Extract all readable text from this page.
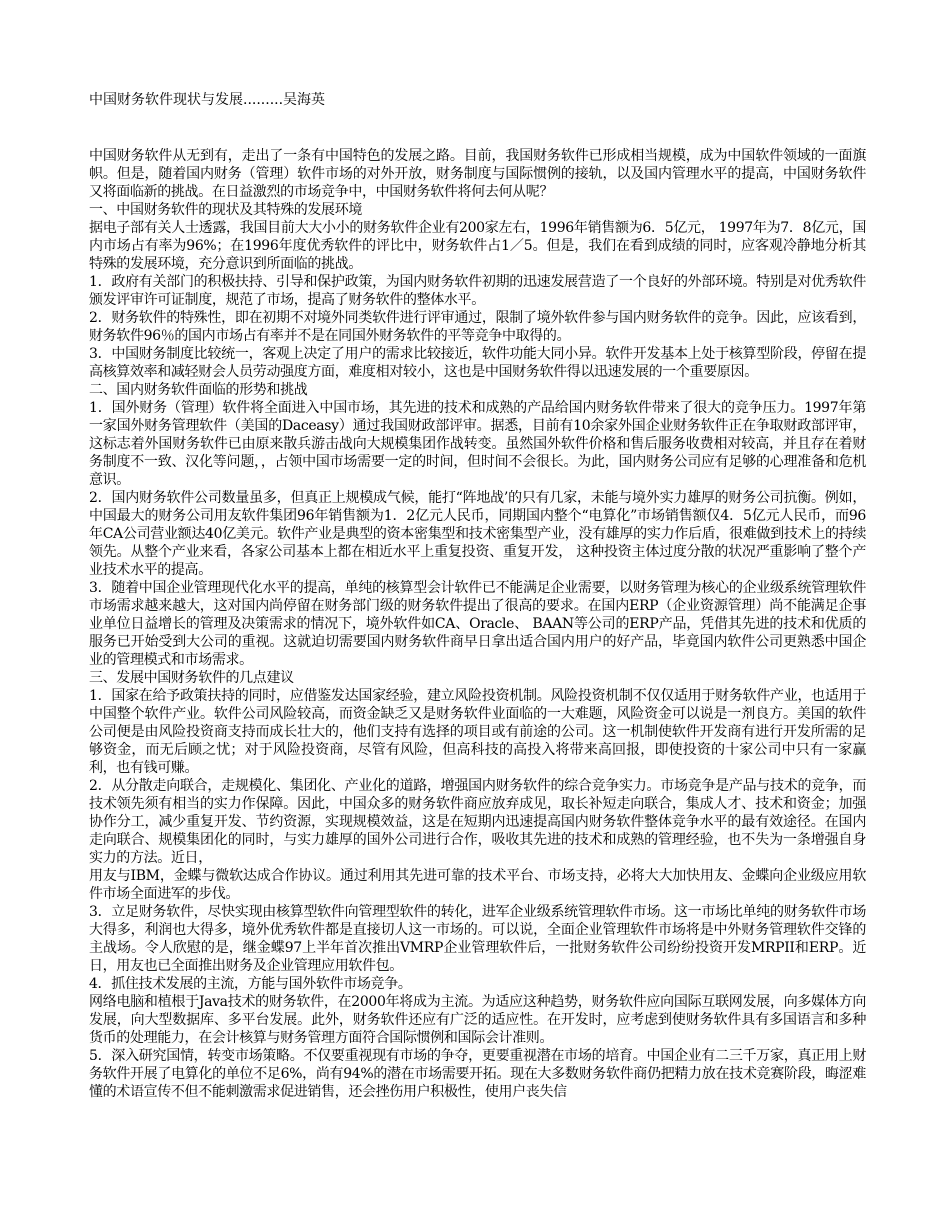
中国财务软件现状与发展.........吴海英

中国财务软件从无到有，走出了一条有中国特色的发展之路。目前，我国财务软件已形成相当规模，成为中国软件领域的一面旗帜。但是，随着国内财务（管理）软件市场的对外开放，财务制度与国际惯例的接轨，以及国内管理水平的提高，中国财务软件又将面临新的挑战。在日益激烈的市场竞争中，中国财务软件将何去何从呢？

一、中国财务软件的现状及其特殊的发展环境

据电子部有关人士透露，我国目前大大小小的财务软件企业有200家左右，1996年销售额为6．5亿元， 1997年为7．8亿元，国内市场占有率为96%；在1996年度优秀软件的评比中，财务软件占1／5。但是，我们在看到成绩的同时，应客观冷静地分析其特殊的发展环境，充分意识到所面临的挑战。

1．政府有关部门的积极扶持、引导和保护政策，为国内财务软件初期的迅速发展营造了一个良好的外部环境。特别是对优秀软件颁发评审许可证制度，规范了市场，提高了财务软件的整体水平。

2．财务软件的特殊性，即在初期不对境外同类软件进行评审通过，限制了境外软件参与国内财务软件的竞争。因此，应该看到，财务软件96％的国内市场占有率并不是在同国外财务软件的平等竞争中取得的。

3．中国财务制度比较统一，客观上决定了用户的需求比较接近，软件功能大同小异。软件开发基本上处于核算型阶段，停留在提高核算效率和减轻财会人员劳动强度方面，难度相对较小，这也是中国财务软件得以迅速发展的一个重要原因。

二、国内财务软件面临的形势和挑战

1．国外财务（管理）软件将全面进入中国市场，其先进的技术和成熟的产品给国内财务软件带来了很大的竞争压力。1997年第一家国外财务管理软件（美国的Daceasy）通过我国财政部评审。据悉，目前有10余家外国企业财务软件正在争取财政部评审，这标志着外国财务软件已由原来散兵游击战向大规模集团作战转变。虽然国外软件价格和售后服务收费相对较高，并且存在着财务制度不一致、汉化等问题，，占领中国市场需要一定的时间，但时间不会很长。为此，国内财务公司应有足够的心理准备和危机意识。

2．国内财务软件公司数量虽多，但真正上规模成气候，能打“阵地战’的只有几家，未能与境外实力雄厚的财务公司抗衡。例如，中国最大的财务公司用友软件集团96年销售额为1．2亿元人民币，同期国内整个“电算化”市场销售额仅4．5亿元人民币，而96年CA公司营业额达40亿美元。软件产业是典型的资本密集型和技术密集型产业，没有雄厚的实力作后盾，很难做到技术上的持续领先。从整个产业来看，各家公司基本上都在相近水平上重复投资、重复开发， 这种投资主体过度分散的状况严重影响了整个产业技术水平的提高。

3．随着中国企业管理现代化水平的提高，单纯的核算型会计软件已不能满足企业需要，以财务管理为核心的企业级系统管理软件市场需求越来越大，这对国内尚停留在财务部门级的财务软件提出了很高的要求。在国内ERP（企业资源管理）尚不能满足企事业单位日益增长的管理及决策需求的情况下，境外软件如CA、Oracle、 BAAN等公司的ERP产品，凭借其先进的技术和优质的服务已开始受到大公司的重视。这就迫切需要国内财务软件商早日拿出适合国内用户的好产品，毕竟国内软件公司更熟悉中国企业的管理模式和市场需求。

三、发展中国财务软件的几点建议

1．国家在给予政策扶持的同时，应借鉴发达国家经验，建立风险投资机制。风险投资机制不仅仅适用于财务软件产业，也适用于中国整个软件产业。软件公司风险较高，而资金缺乏又是财务软件业面临的一大难题，风险资金可以说是一剂良方。美国的软件公司便是由风险投资商支持而成长壮大的，他们支持有选择的项目或有前途的公司。这一机制使软件开发商有进行开发所需的足够资金，而无后顾之忧；对于风险投资商，尽管有风险，但高科技的高投入将带来高回报，即使投资的十家公司中只有一家赢利，也有钱可赚。

2．从分散走向联合，走规模化、集团化、产业化的道路，增强国内财务软件的综合竞争实力。市场竞争是产品与技术的竞争，而技术领先须有相当的实力作保障。因此，中国众多的财务软件商应放弃成见，取长补短走向联合，集成人才、技术和资金；加强协作分工，减少重复开发、节约资源，实现规模效益，这是在短期内迅速提高国内财务软件整体竞争水平的最有效途径。在国内走向联合、规模集团化的同时，与实力雄厚的国外公司进行合作，吸收其先进的技术和成熟的管理经验，也不失为一条增强自身实力的方法。近日，

用友与IBM，金蝶与微软达成合作协议。通过利用其先进可靠的技术平台、市场支持，必将大大加快用友、金蝶向企业级应用软件市场全面进军的步伐。

3．立足财务软件，尽快实现由核算型软件向管理型软件的转化，进军企业级系统管理软件市场。这一市场比单纯的财务软件市场大得多，利润也大得多，境外优秀软件都是直接切人这一市场的。可以说，全面企业管理软件市场将是中外财务管理软件交锋的主战场。令人欣慰的是，继金蝶97上半年首次推出VMRP企业管理软件后，一批财务软件公司纷纷投资开发MRPII和ERP。近日，用友也已全面推出财务及企业管理应用软件包。

4．抓住技术发展的主流，方能与国外软件市场竞争。

网络电脑和植根于Java技术的财务软件，在2000年将成为主流。为适应这种趋势，财务软件应向国际互联网发展，向多媒体方向发展，向大型数据库、多平台发展。此外，财务软件还应有广泛的适应性。在开发时，应考虑到使财务软件具有多国语言和多种货币的处理能力，在会计核算与财务管理方面符合国际惯例和国际会计准则。

5．深入研究国情，转变市场策略。不仅要重视现有市场的争夺，更要重视潜在市场的培育。中国企业有二三千万家，真正用上财务软件开展了电算化的单位不足6%，尚有94%的潜在市场需要开拓。现在大多数财务软件商仍把精力放在技术竞赛阶段，晦涩难懂的术语宣传不但不能刺激需求促进销售，还会挫伤用户积极性，使用户丧失信
